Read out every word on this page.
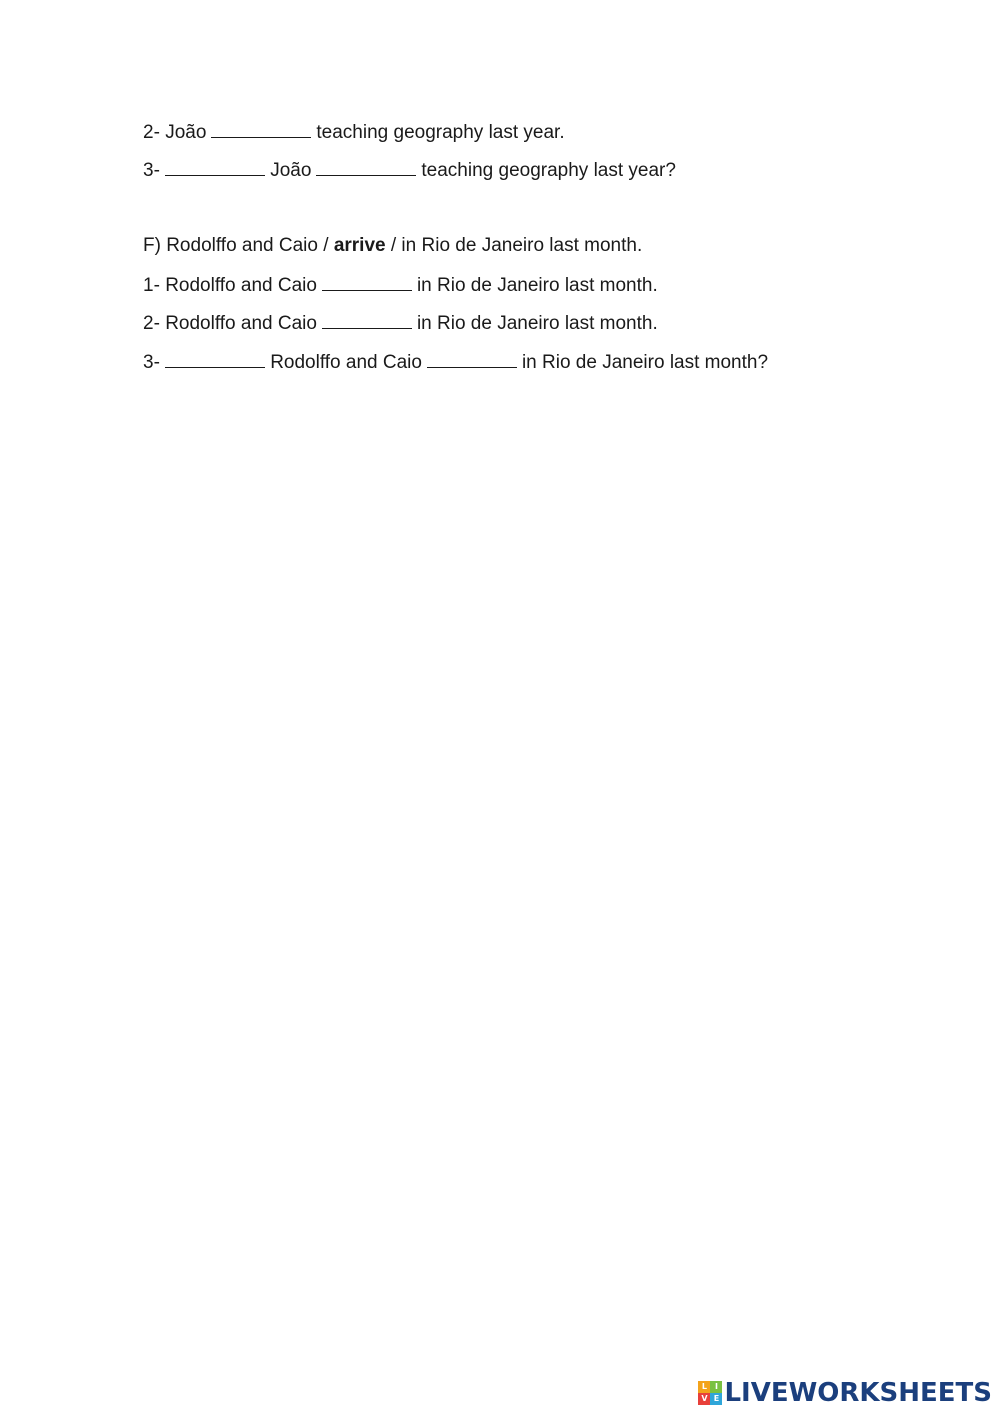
2- João	teaching geography last year.
3-	João	teaching geography last year?
F) Rodolffo and Caio / arrive / in Rio de Janeiro last month.
1- Rodolffo and Caio	in Rio de Janeiro last month.
2- Rodolffo and Caio	in Rio de Janeiro last month.
3-	Rodolffo and Caio	in Rio de Janeiro last month?
L I
V E LIVEWORKSHEETS
